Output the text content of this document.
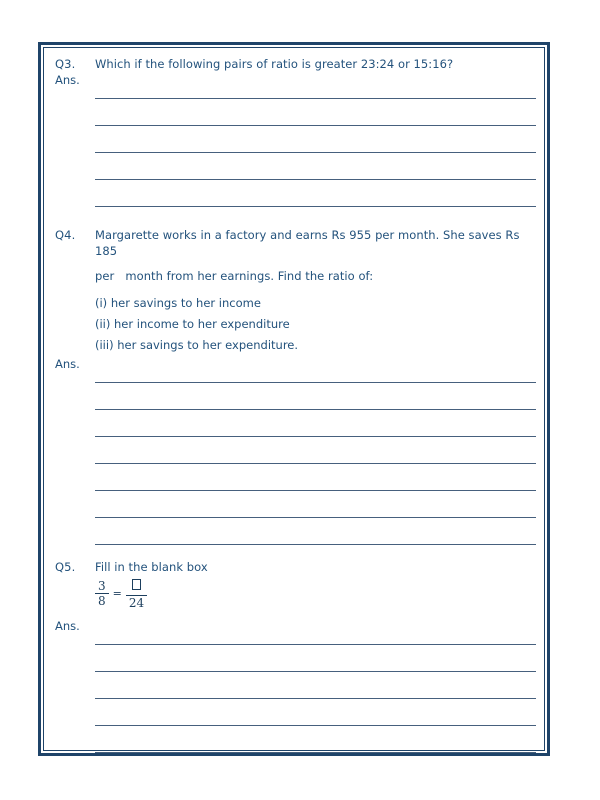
Q3.	Which if the following pairs of ratio is greater 23:24 or 15:16?
Ans.
Q4.	Margarette works in a factory and earns Rs 955 per month. She saves Rs 185
per   month from her earnings. Find the ratio of:
(i) her savings to her income
(ii) her income to her expenditure
(iii) her savings to her expenditure.
Ans.
Q5.	Fill in the blank box
$\frac{3}{8}$ =
24
Ans.
